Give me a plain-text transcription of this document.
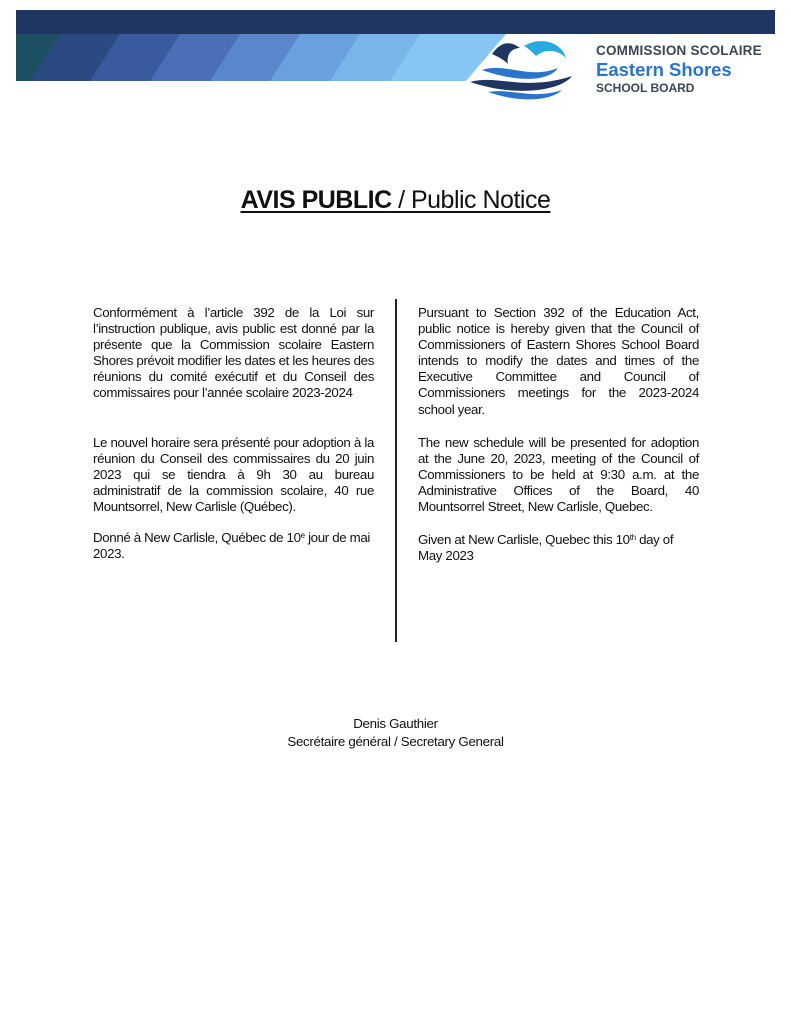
COMMISSION SCOLAIRE
Eastern Shores
SCHOOL BOARD
AVIS PUBLIC / Public Notice

Conformément à l’article 392 de la Loi sur l’instruction publique, avis public est donné par la présente que la Commission scolaire Eastern Shores prévoit modifier les dates et les heures des réunions du comité exécutif et du Conseil des commissaires pour l’année scolaire 2023-2024

Le nouvel horaire sera présenté pour adoption à la réunion du Conseil des commissaires du 20 juin 2023 qui se tiendra à 9h 30 au bureau administratif de la commission scolaire, 40 rue Mountsorrel, New Carlisle (Québec).

Donné à New Carlisle, Québec de 10e jour de mai 2023.

Pursuant to Section 392 of the Education Act, public notice is hereby given that the Council of Commissioners of Eastern Shores School Board intends to modify the dates and times of the Executive Committee and Council of Commissioners meetings for the 2023-2024 school year.

The new schedule will be presented for adoption at the June 20, 2023, meeting of the Council of Commissioners to be held at 9:30 a.m. at the Administrative Offices of the Board, 40 Mountsorrel Street, New Carlisle, Quebec.

Given at New Carlisle, Quebec this 10th day of May 2023

Denis Gauthier
Secrétaire général / Secretary General
